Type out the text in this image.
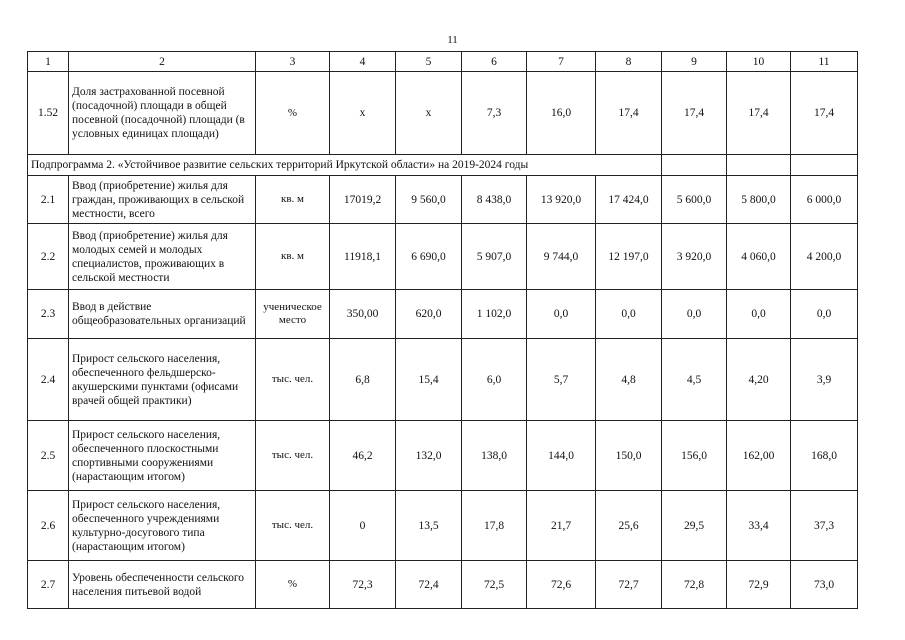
11
1	2	3	4	5	6	7	8	9	10	11
1.52	Доля застрахованной посевной (посадочной) площади в общей посевной (посадочной) площади (в условных единицах площади)	%	x	x	7,3	16,0	17,4	17,4	17,4	17,4
Подпрограмма 2. «Устойчивое развитие сельских территорий Иркутской области» на 2019-2024 годы										
2.1	Ввод (приобретение) жилья для граждан, проживающих в сельской местности, всего	кв. м	17019,2	9 560,0	8 438,0	13 920,0	17 424,0	5 600,0	5 800,0	6 000,0
2.2	Ввод (приобретение) жилья для молодых семей и молодых специалистов, проживающих в сельской местности	кв. м	11918,1	6 690,0	5 907,0	9 744,0	12 197,0	3 920,0	4 060,0	4 200,0
2.3	Ввод в действие общеобразовательных организаций	ученическое место	350,00	620,0	1 102,0	0,0	0,0	0,0	0,0	0,0
2.4	Прирост сельского населения, обеспеченного фельдшерско-акушерскими пунктами (офисами врачей общей практики)	тыс. чел.	6,8	15,4	6,0	5,7	4,8	4,5	4,20	3,9
2.5	Прирост сельского населения, обеспеченного плоскостными спортивными сооружениями (нарастающим итогом)	тыс. чел.	46,2	132,0	138,0	144,0	150,0	156,0	162,00	168,0
2.6	Прирост сельского населения, обеспеченного учреждениями культурно-досугового типа (нарастающим итогом)	тыс. чел.	0	13,5	17,8	21,7	25,6	29,5	33,4	37,3
2.7	Уровень обеспеченности сельского населения питьевой водой	%	72,3	72,4	72,5	72,6	72,7	72,8	72,9	73,0
